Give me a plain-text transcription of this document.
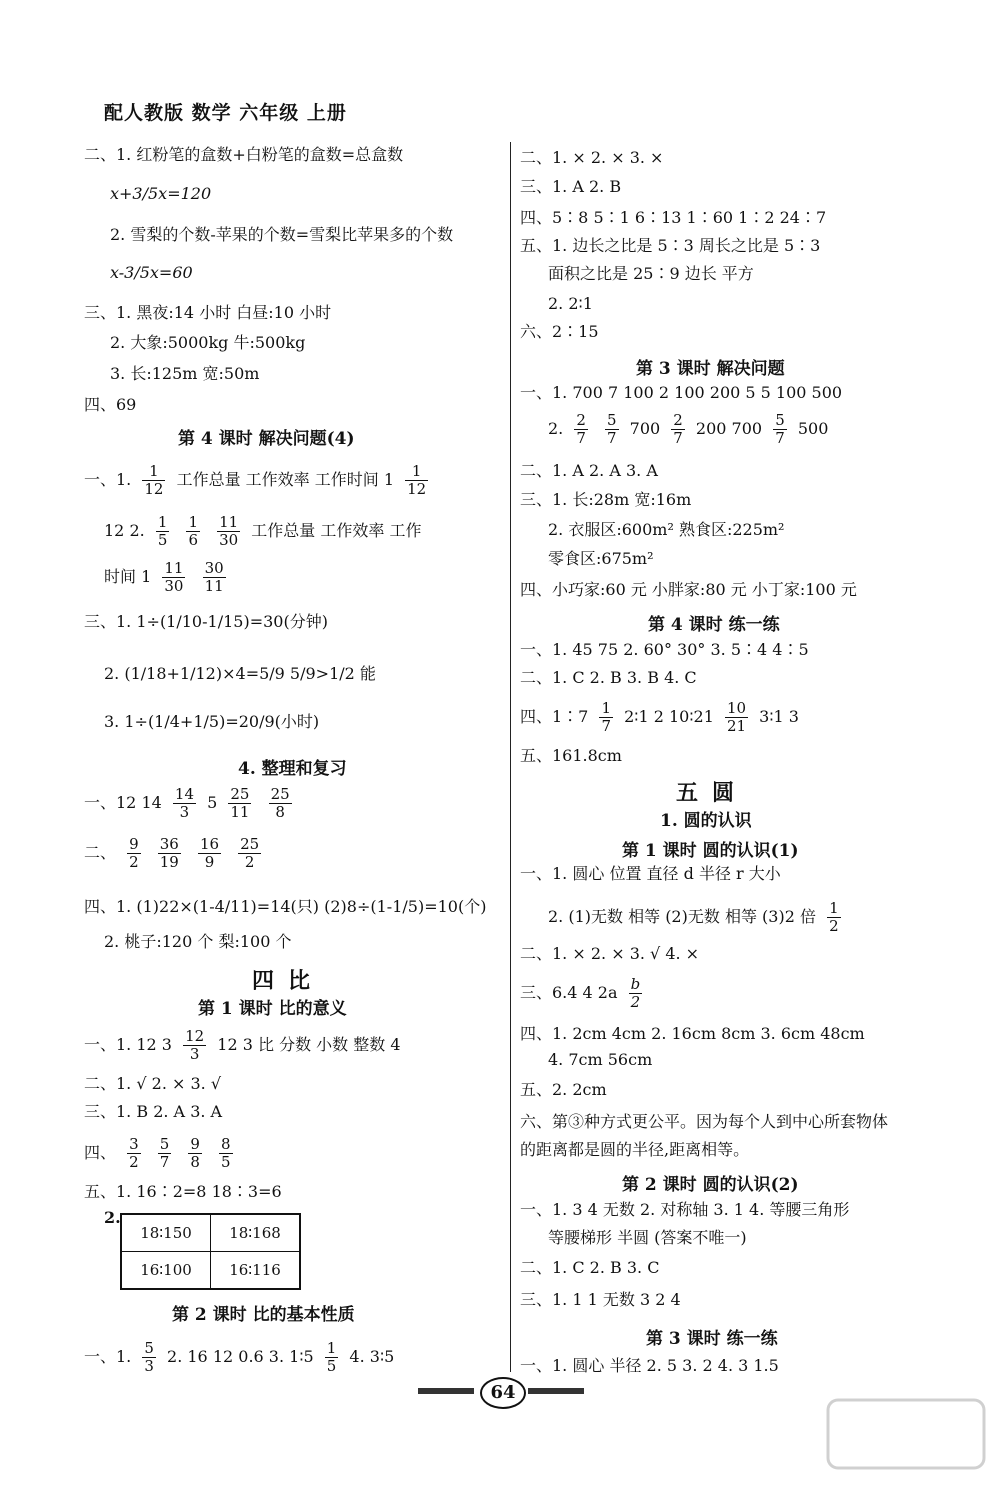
配人教版 数学 六年级 上册
二、1. 红粉笔的盒数+白粉笔的盒数=总盒数
x+3/5x=120
2. 雪梨的个数-苹果的个数=雪梨比苹果多的个数
x-3/5x=60
三、1. 黑夜:14 小时 白昼:10 小时
2. 大象:5000kg 牛:500kg
3. 长:125m 宽:50m
四、69
第 4 课时 解决问题(4)
一、1. $\frac{1}{12}$ 工作总量 工作效率 工作时间 $1 \frac{1}{12}$
12 2. $\frac{1}{5}$
$\frac{1}{6}$
$\frac{11}{30}$ 工作总量 工作效率 工作
时间 $1 \frac{11}{30}$
$\frac{30}{11}$
三、1. 1÷(1/10-1/15)=30(分钟)
2. (1/18+1/12)×4=5/9 5/9>1/2 能
3. 1÷(1/4+1/5)=20/9(小时)
4. 整理和复习
一、12 $14 \frac{14}{3} 5 \frac{25}{11}$
$\frac{25}{8}$
二、 $\frac{9}{2}$
$\frac{36}{19}$
$\frac{16}{9}$
$\frac{25}{2}$
四、1. (1)22×(1-4/11)=14(只) (2)8÷(1-1/5)=10(个)
2. 桃子:120 个 梨:100 个
四比
第 1 课时 比的意义
一、1. 12 $3 \frac{12}{3} 12$ 3 比 分数 小数 整数 4
二、1. √ 2. × 3. √
三、1. B 2. A 3. A
四、 $\frac{3}{2}$
$\frac{5}{7}$
$\frac{9}{8}$
$\frac{8}{5}$
五、1. 16∶2=8 18∶3=6
2.
18∶150	18∶168
16∶100	16∶116
第 2 课时 比的基本性质
一、1. $\frac{5}{3} 2$. 16 12 0.6 3. 1∶5 $\frac{1}{5} 4$. 3∶5
二、1. × 2. × 3. ×
三、1. A 2. B
四、5∶8 5∶1 6∶13 1∶60 1∶2 24∶7
五、1. 边长之比是 5∶3 周长之比是 5∶3
面积之比是 25∶9 边长 平方
2. 2∶1
六、2∶15
第 3 课时 解决问题
一、1. 700 7 100 2 100 200 5 5 100 500
2. $\frac{2}{7}$
$\frac{5}{7} 700 \frac{2}{7} 200$ $700 \frac{5}{7} 500$
二、1. A 2. A 3. A
三、1. 长:28m 宽:16m
2. 衣服区:600m² 熟食区:225m²
零食区:675m²
四、小巧家:60 元 小胖家:80 元 小丁家:100 元
第 4 课时 练一练
一、1. 45 75 2. 60° 30° 3. 5∶4 4∶5
二、1. C 2. B 3. B 4. C
四、1∶7 $\frac{1}{7}$ 2∶1 2 10∶21 $\frac{10}{21}$ 3∶1 3
五、161.8cm
五圆
1. 圆的认识
第 1 课时 圆的认识(1)
一、1. 圆心 位置 直径 d 半径 r 大小
2. (1)无数 相等 (2)无数 相等 (3)2 倍 $\frac{1}{2}$
二、1. × 2. × 3. √ 4. ×
三、6.4 4 $2a \frac{b}{2}$
四、1. 2cm 4cm 2. 16cm 8cm 3. 6cm 48cm
4. 7cm 56cm
五、2. 2cm
六、第③种方式更公平。因为每个人到中心所套物体
的距离都是圆的半径,距离相等。
第 2 课时 圆的认识(2)
一、1. 3 4 无数 2. 对称轴 3. 1 4. 等腰三角形
等腰梯形 半圆 (答案不唯一)
二、1. C 2. B 3. C
三、1. 1 1 无数 3 2 4
第 3 课时 练一练
一、1. 圆心 半径 2. 5 3. 2 4. 3 1.5
64
